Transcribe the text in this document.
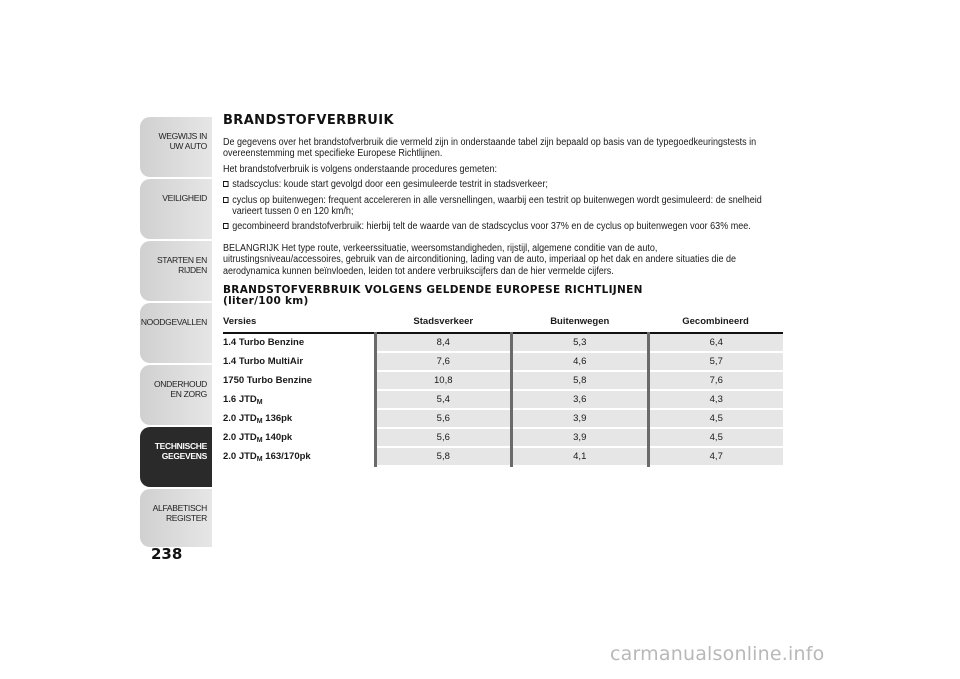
WEGWIJS IN UW AUTO
VEILIGHEID
STARTEN EN RIJDEN
NOODGEVALLEN
ONDERHOUD EN ZORG
TECHNISCHE GEGEVENS
ALFABETISCH REGISTER
238
BRANDSTOFVERBRUIK

De gegevens over het brandstofverbruik die vermeld zijn in onderstaande tabel zijn bepaald op basis van de typegoedkeuringstests in overeenstemming met specifieke Europese Richtlijnen.

Het brandstofverbruik is volgens onderstaande procedures gemeten:

stadscyclus: koude start gevolgd door een gesimuleerde testrit in stadsverkeer;
cyclus op buitenwegen: frequent accelereren in alle versnellingen, waarbij een testrit op buitenwegen wordt gesimuleerd: de snelheid varieert tussen 0 en 120 km/h;
gecombineerd brandstofverbruik: hierbij telt de waarde van de stadscyclus voor 37% en de cyclus op buitenwegen voor 63% mee.

BELANGRIJK Het type route, verkeerssituatie, weersomstandigheden, rijstijl, algemene conditie van de auto, uitrustingsniveau/accessoires, gebruik van de airconditioning, lading van de auto, imperiaal op het dak en andere situaties die de aerodynamica kunnen beïnvloeden, leiden tot andere verbruikscijfers dan de hier vermelde cijfers.

BRANDSTOFVERBRUIK VOLGENS GELDENDE EUROPESE RICHTLIJNEN
(liter/100 km)
Versies	Stadsverkeer	Buitenwegen	Gecombineerd
1.4 Turbo Benzine	8,4	5,3	6,4
1.4 Turbo MultiAir	7,6	4,6	5,7
1750 Turbo Benzine	10,8	5,8	7,6
1.6 $JTD_M$	5,4	3,6	4,3
2.0 $JTD_M$ 136pk	5,6	3,9	4,5
2.0 $JTD_M$ 140pk	5,6	3,9	4,5
2.0 $JTD_M$ 163/170pk	5,8	4,1	4,7
carmanualsonline.info
